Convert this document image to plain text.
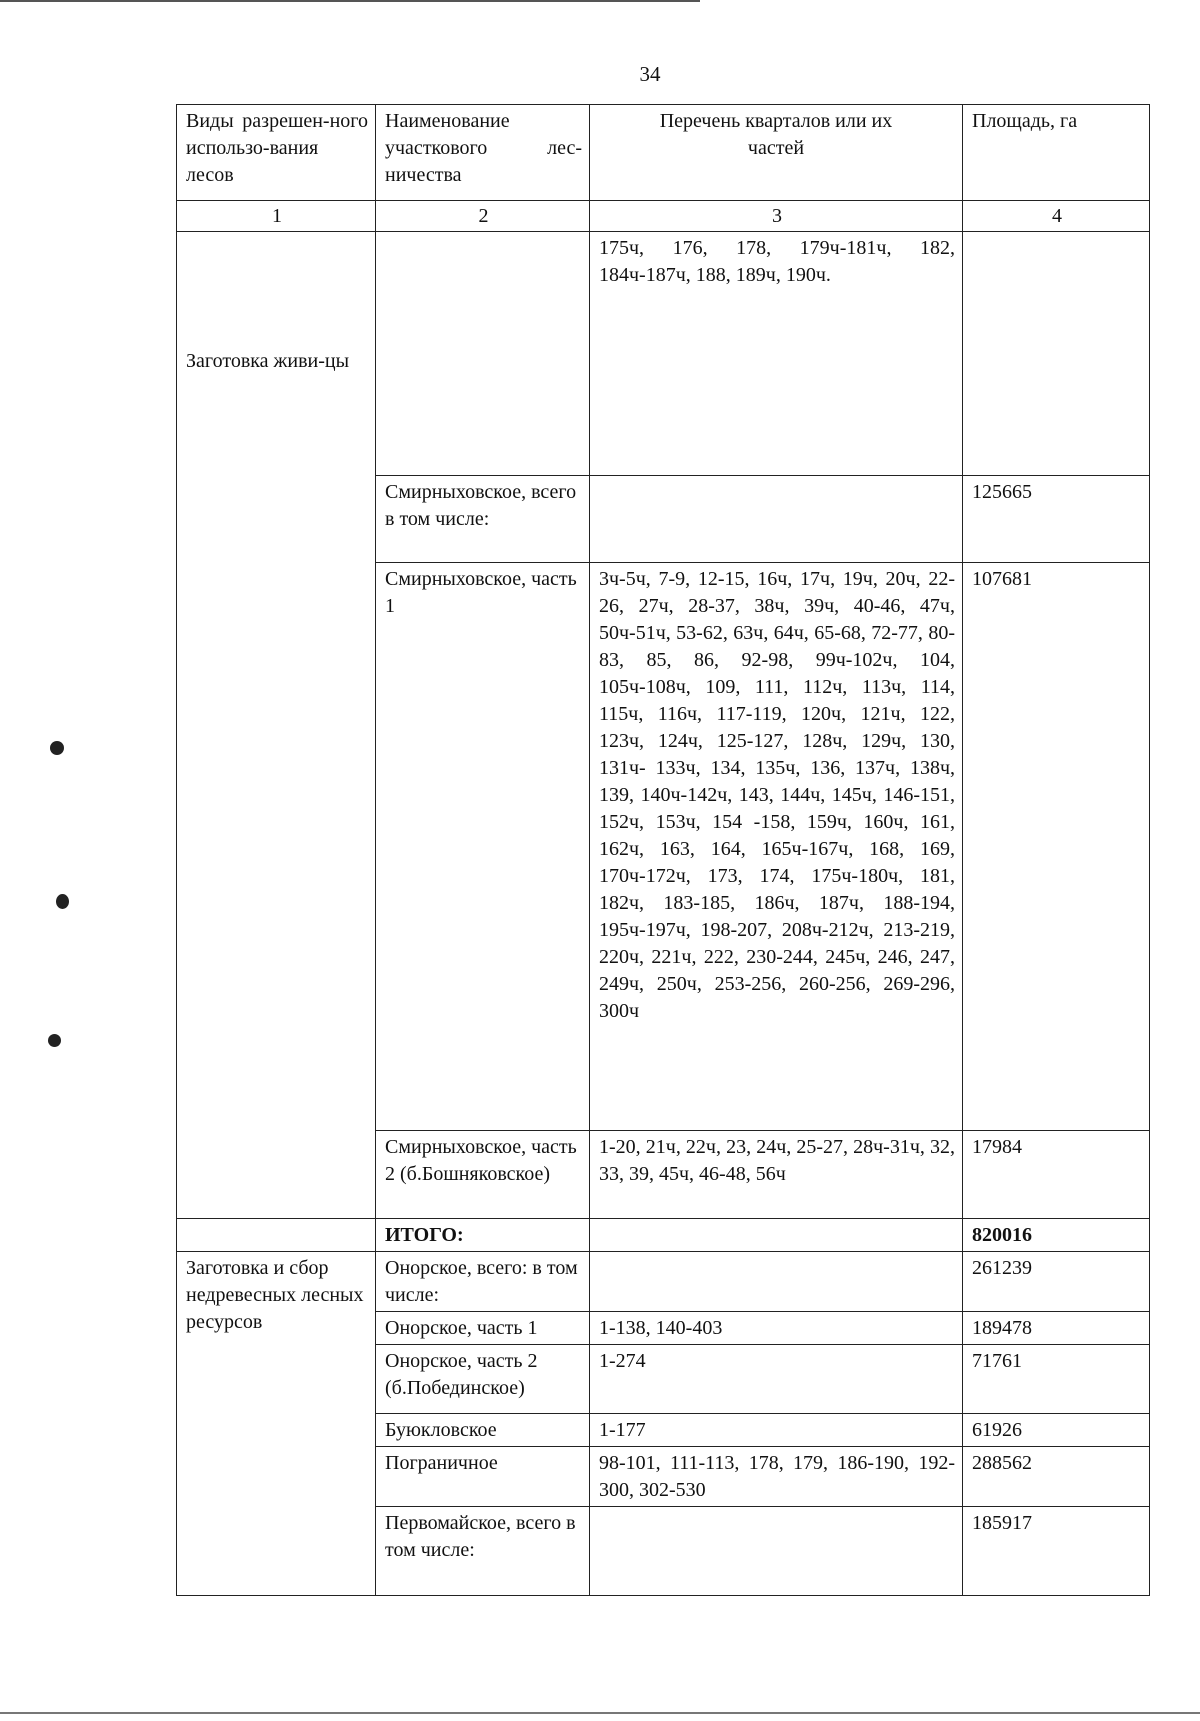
34
Виды разрешен-ного использо-вания лесов	Наименование участкового лес-ничества	Перечень кварталов или их частей	Площадь, га
1	2	3	4
Заготовка живи-цы		175ч, 176, 178, 179ч-181ч, 182, 184ч-187ч, 188, 189ч, 190ч.	
	Смирныховское, всего в том числе:		125665
	Смирныховское, часть 1	3ч-5ч, 7-9, 12-15, 16ч, 17ч, 19ч, 20ч, 22-26, 27ч, 28-37, 38ч, 39ч, 40-46, 47ч, 50ч-51ч, 53-62, 63ч, 64ч, 65-68, 72-77, 80-83, 85, 86, 92-98, 99ч-102ч, 104, 105ч-108ч, 109, 111, 112ч, 113ч, 114, 115ч, 116ч, 117-119, 120ч, 121ч, 122, 123ч, 124ч, 125-127, 128ч, 129ч, 130, 131ч- 133ч, 134, 135ч, 136, 137ч, 138ч, 139, 140ч-142ч, 143, 144ч, 145ч, 146-151, 152ч, 153ч, 154 -158, 159ч, 160ч, 161, 162ч, 163, 164, 165ч-167ч, 168, 169, 170ч-172ч, 173, 174, 175ч-180ч, 181, 182ч, 183-185, 186ч, 187ч, 188-194, 195ч-197ч, 198-207, 208ч-212ч, 213-219, 220ч, 221ч, 222, 230-244, 245ч, 246, 247, 249ч, 250ч, 253-256, 260-256, 269-296, 300ч	107681
	Смирныховское, часть 2 (б.Бошняковское)	1-20, 21ч, 22ч, 23, 24ч, 25-27, 28ч-31ч, 32, 33, 39, 45ч, 46-48, 56ч	17984
	ИТОГО:		820016
Заготовка и сбор недревесных лесных ресурсов	Онорское, всего: в том числе:		261239
	Онорское, часть 1	1-138, 140-403	189478
	Онорское, часть 2 (б.Побединское)	1-274	71761
	Буюкловское	1-177	61926
	Пограничное	98-101, 111-113, 178, 179, 186-190, 192-300, 302-530	288562
	Первомайское, всего в том числе:		185917
